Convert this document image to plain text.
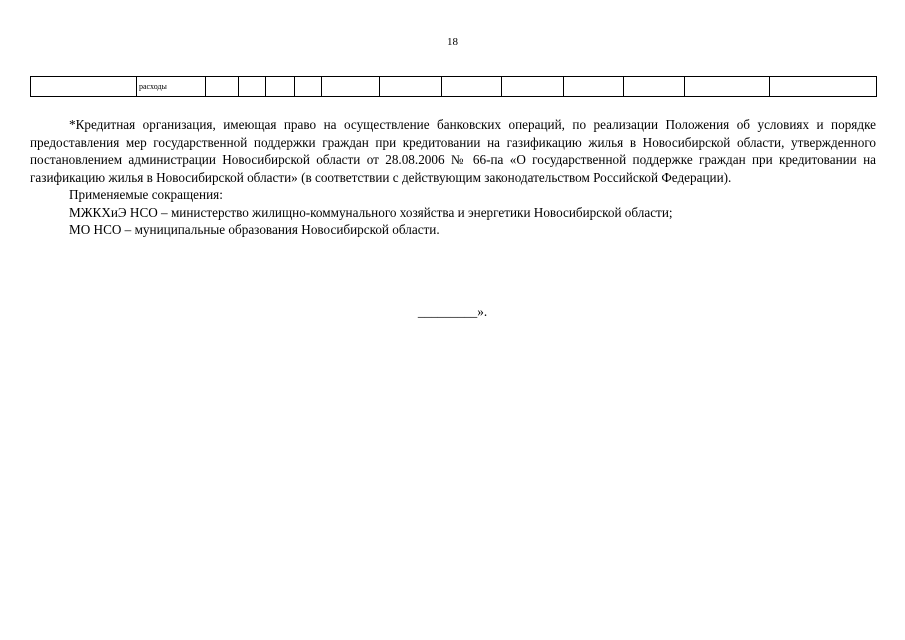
18
	расходы												

*Кредитная организация, имеющая право на осуществление банковских операций, по реализации Положения об условиях и порядке предоставления мер государственной поддержки граждан при кредитовании на газификацию жилья в Новосибирской области, утвержденного постановлением администрации Новосибирской области от 28.08.2006 № 66-па «О государственной поддержке граждан при кредитовании на газификацию жилья в Новосибирской области» (в соответствии с действующим законодательством Российской Федерации).

Применяемые сокращения:

МЖКХиЭ НСО – министерство жилищно-коммунального хозяйства и энергетики Новосибирской области;

МО НСО – муниципальные образования Новосибирской области.

_________».
